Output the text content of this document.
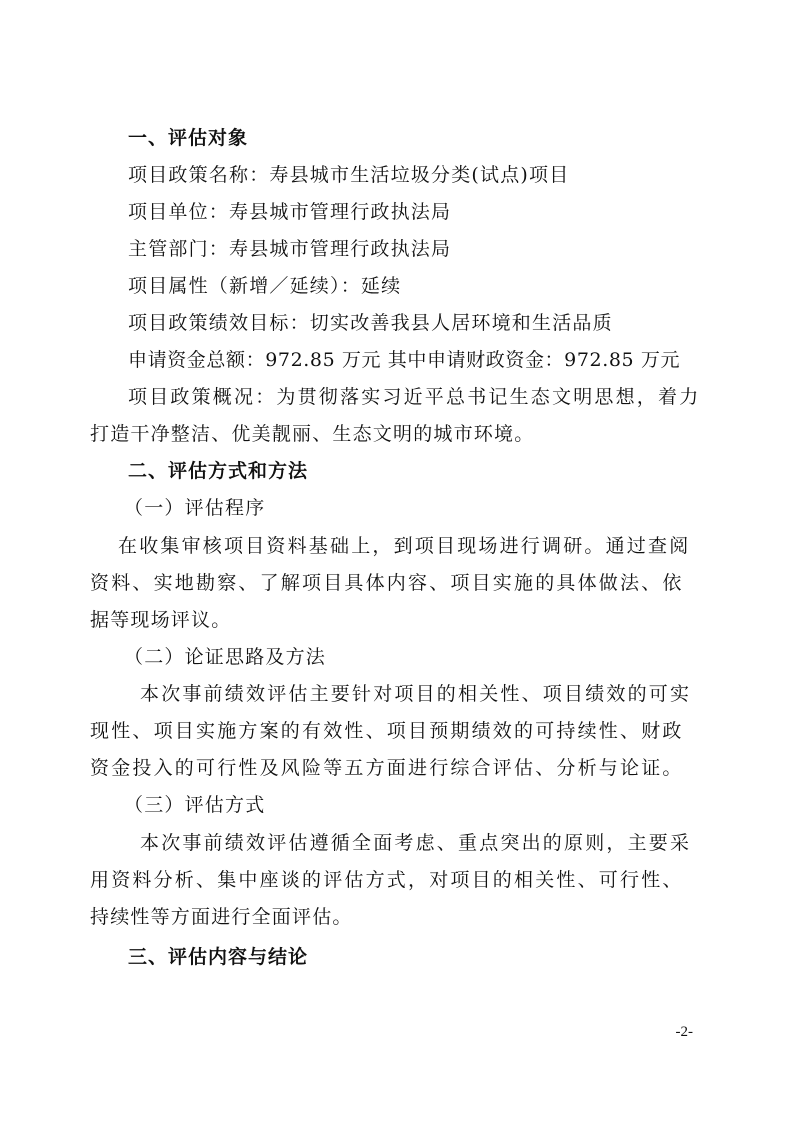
一、评估对象
项目政策名称：寿县城市生活垃圾分类(试点)项目
项目单位：寿县城市管理行政执法局
主管部门：寿县城市管理行政执法局
项目属性（新增／延续）：延续
项目政策绩效目标：切实改善我县人居环境和生活品质
申请资金总额：972.85 万元 其中申请财政资金：972.85 万元
项目政策概况：为贯彻落实习近平总书记生态文明思想，着力
打造干净整洁、优美靓丽、生态文明的城市环境。
二、评估方式和方法
（一）评估程序
在收集审核项目资料基础上，到项目现场进行调研。通过查阅
资料、实地勘察、了解项目具体内容、项目实施的具体做法、依
据等现场评议。
（二）论证思路及方法
本次事前绩效评估主要针对项目的相关性、项目绩效的可实
现性、项目实施方案的有效性、项目预期绩效的可持续性、财政
资金投入的可行性及风险等五方面进行综合评估、分析与论证。
（三）评估方式
本次事前绩效评估遵循全面考虑、重点突出的原则，主要采
用资料分析、集中座谈的评估方式，对项目的相关性、可行性、
持续性等方面进行全面评估。
三、评估内容与结论
-2-
